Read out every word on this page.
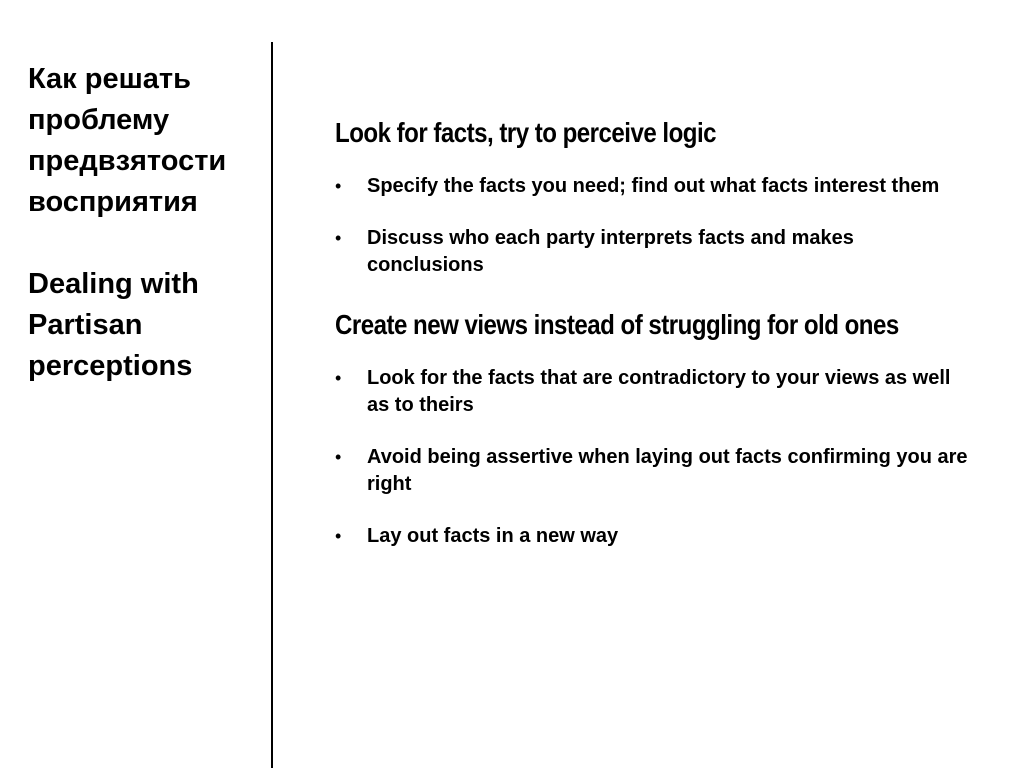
Как решать
проблему
предвзятости
восприятия
Dealing with
Partisan
perceptions

Look for facts, try to perceive logic

•	Specify the facts you need; find out what facts interest them
•	Discuss who each party interprets facts and makes conclusions

Create new views instead of struggling for old ones

•	Look for the facts that are contradictory to your views as well as to theirs
•	Avoid being assertive when laying out facts confirming you are right
•	Lay out facts in a new way
